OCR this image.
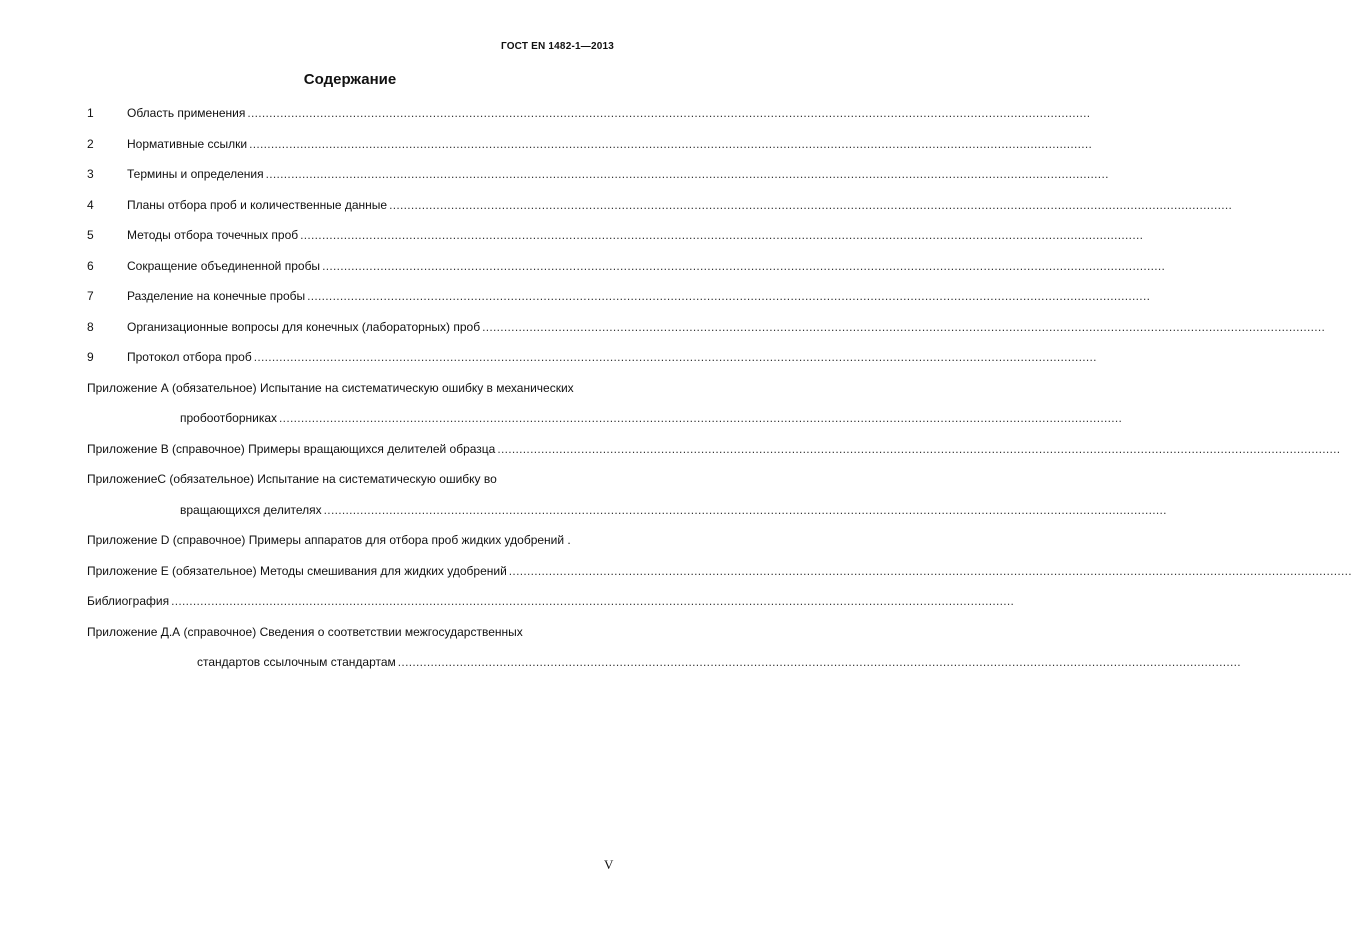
ГОСТ EN 1482-1—2013
Содержание
1	Область применения ........................................................................................................................................................................................................................................
2	Нормативные ссылки ........................................................................................................................................................................................................................................
3	Термины и определения ........................................................................................................................................................................................................................................
4	Планы отбора проб и количественные данные ........................................................................................................................................................................................................................................
5	Методы отбора точечных проб ........................................................................................................................................................................................................................................
6	Сокращение объединенной пробы ........................................................................................................................................................................................................................................
7	Разделение на конечные пробы ........................................................................................................................................................................................................................................
8	Организационные вопросы для конечных (лабораторных) проб ........................................................................................................................................................................................................................................
9	Протокол отбора проб ........................................................................................................................................................................................................................................
Приложение А (обязательное) Испытание на систематическую ошибку в механических
пробоотборниках ........................................................................................................................................................................................................................................
Приложение В (справочное) Примеры вращающихся делителей образца ........................................................................................................................................................................................................................................
ПриложениеС (обязательное) Испытание на систематическую ошибку во
вращающихся делителях ........................................................................................................................................................................................................................................
Приложение D (справочное) Примеры аппаратов для отбора проб жидких удобрений .
Приложение Е (обязательное) Методы смешивания для жидких удобрений ........................................................................................................................................................................................................................................
Библиография ........................................................................................................................................................................................................................................
Приложение Д.А (справочное) Сведения о соответствии межгосударственных
стандартов ссылочным стандартам ........................................................................................................................................................................................................................................
V
